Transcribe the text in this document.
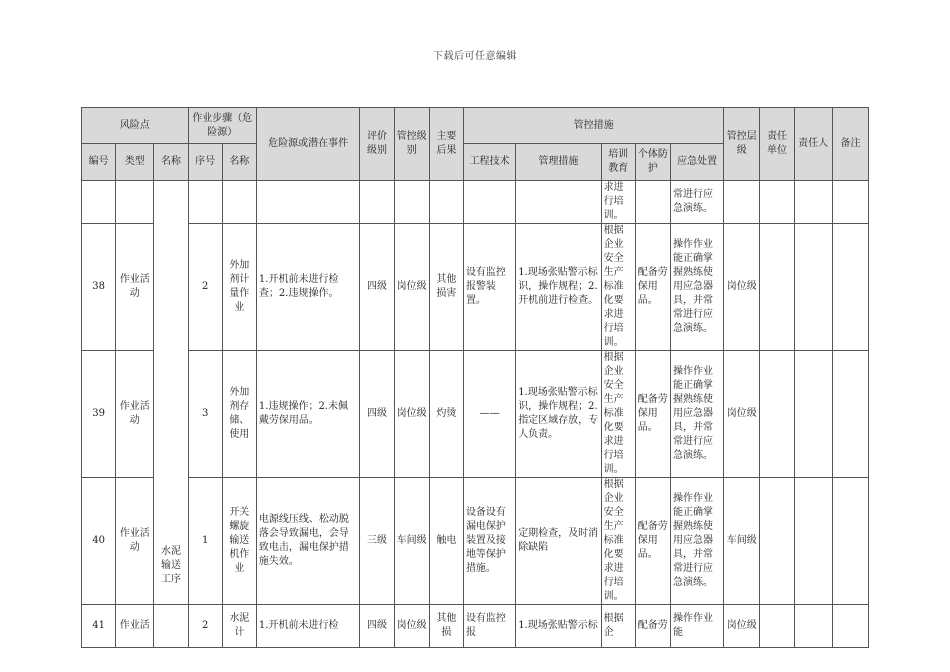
下载后可任意编辑
风险点			作业步骤（危险源）		危险源或潜在事件	评价级别	管控级别	主要后果	管控措施					管控层级	责任单位	责任人	备注
编号	类型	名称	序号	名称					工程技术	管理措施	培训教育	个体防护	应急处置				
											求进行培训。		常进行应急演练。				
38	作业活动		2	外加剂计量作业	1.开机前未进行检查；2.违规操作。	四级	岗位级	其他损害	设有监控报警装置。	1.现场张贴警示标识，操作规程；2.开机前进行检查。	根据企业安全生产标准化要求进行培训。	配备劳保用品。	操作作业能正确掌握熟练使用应急器具，并常常进行应急演练。	岗位级			
39	作业活动		3	外加剂存储、使用	1.违规操作；2.未佩戴劳保用品。	四级	岗位级	灼烫	——	1.现场张贴警示标识，操作规程；2.指定区域存放，专人负责。	根据企业安全生产标准化要求进行培训。	配备劳保用品。	操作作业能正确掌握熟练使用应急器具，并常常进行应急演练。	岗位级			
40	作业活动		1	开关螺旋输送机作业	电源线压线、松动脱落会导致漏电，会导致电击，漏电保护措施失效。	三级	车间级	触电	设备设有漏电保护装置及接地等保护措施。	定期检查，及时消除缺陷	根据企业安全生产标准化要求进行培训。	配备劳保用品。	操作作业能正确掌握熟练使用应急器具，并常常进行应急演练。	车间级			
41	作业活	水泥输送工序	2	水泥计	1.开机前未进行检	四级	岗位级	其他损	设有监控报	1.现场张贴警示标	根据企	配备劳	操作作业能	岗位级			
